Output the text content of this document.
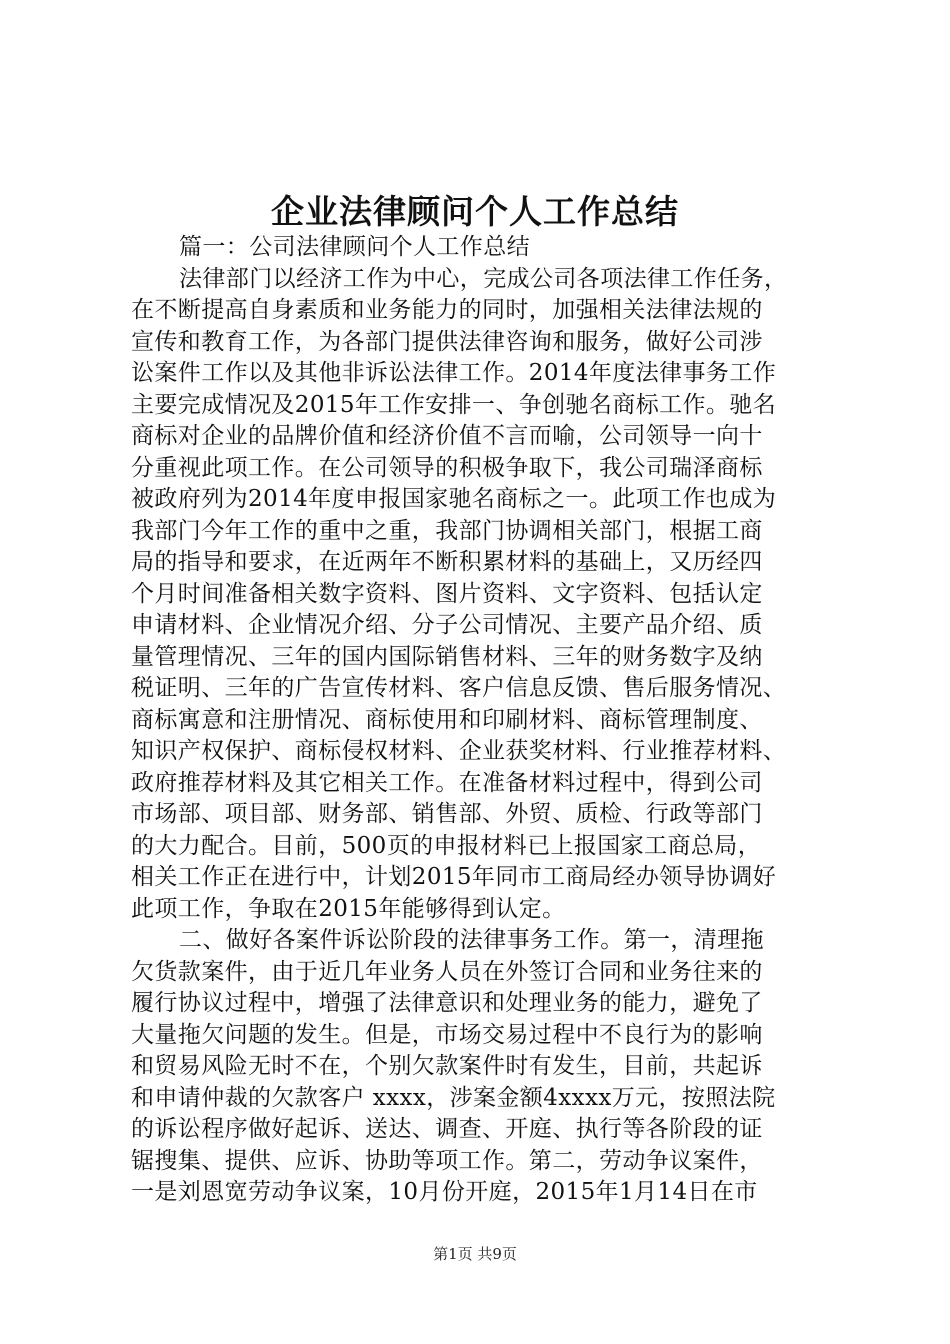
企业法律顾问个人工作总结
篇一：公司法律顾问个人工作总结
法律部门以经济工作为中心，完成公司各项法律工作任务，
在不断提高自身素质和业务能力的同时，加强相关法律法规的
宣传和教育工作，为各部门提供法律咨询和服务，做好公司涉
讼案件工作以及其他非诉讼法律工作。2014年度法律事务工作
主要完成情况及2015年工作安排一、争创驰名商标工作。驰名
商标对企业的品牌价值和经济价值不言而喻，公司领导一向十
分重视此项工作。在公司领导的积极争取下，我公司瑞泽商标
被政府列为2014年度申报国家驰名商标之一。此项工作也成为
我部门今年工作的重中之重，我部门协调相关部门，根据工商
局的指导和要求，在近两年不断积累材料的基础上，又历经四
个月时间准备相关数字资料、图片资料、文字资料、包括认定
申请材料、企业情况介绍、分子公司情况、主要产品介绍、质
量管理情况、三年的国内国际销售材料、三年的财务数字及纳
税证明、三年的广告宣传材料、客户信息反馈、售后服务情况、
商标寓意和注册情况、商标使用和印刷材料、商标管理制度、
知识产权保护、商标侵权材料、企业获奖材料、行业推荐材料、
政府推荐材料及其它相关工作。在准备材料过程中，得到公司
市场部、项目部、财务部、销售部、外贸、质检、行政等部门
的大力配合。目前，500页的申报材料已上报国家工商总局，
相关工作正在进行中，计划2015年同市工商局经办领导协调好
此项工作，争取在2015年能够得到认定。
二、做好各案件诉讼阶段的法律事务工作。第一，清理拖
欠货款案件，由于近几年业务人员在外签订合同和业务往来的
履行协议过程中，增强了法律意识和处理业务的能力，避免了
大量拖欠问题的发生。但是，市场交易过程中不良行为的影响
和贸易风险无时不在，个别欠款案件时有发生，目前，共起诉
和申请仲裁的欠款客户 xxxx，涉案金额4xxxx万元，按照法院
的诉讼程序做好起诉、送达、调查、开庭、执行等各阶段的证
锯搜集、提供、应诉、协助等项工作。第二，劳动争议案件，
一是刘恩宽劳动争议案，10月份开庭，2015年1月14日在市
第1页 共9页
